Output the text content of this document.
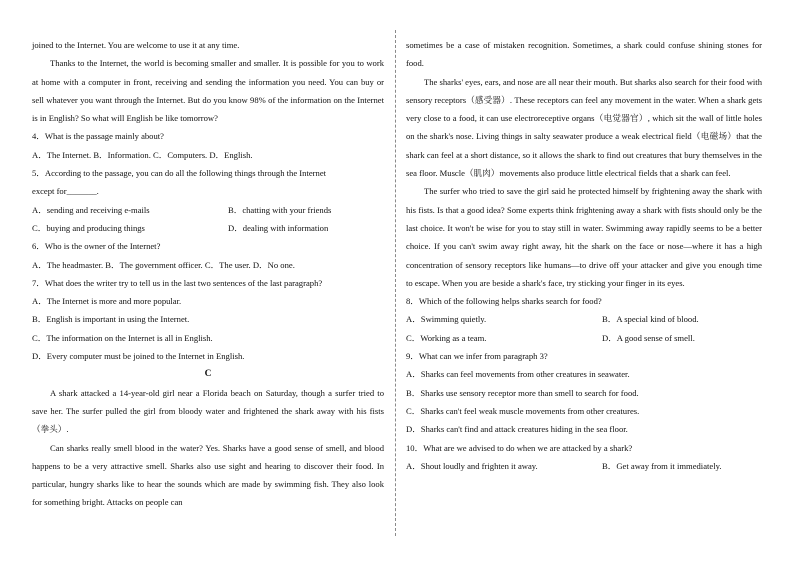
joined to the Internet. You are welcome to use it at any time.

Thanks to the Internet, the world is becoming smaller and smaller. It is possible for you to work at home with a computer in front, receiving and sending the information you need. You can buy or sell whatever you want through the Internet. But do you know 98% of the information on the Internet is in English? So what will English be like tomorrow?

4．What is the passage mainly about?

A．The Internet. B．Information. C．Computers. D．English.

5．According to the passage, you can do all the following things through the Internet

except for_______.

A．sending and receiving e-mails	B．chatting with your friends
C．buying and producing things	D．dealing with information

6．Who is the owner of the Internet?

A．The headmaster. B．The government officer. C．The user. D．No one.

7．What does the writer try to tell us in the last two sentences of the last paragraph?

A．The Internet is more and more popular.

B．English is important in using the Internet.

C．The information on the Internet is all in English.

D．Every computer must be joined to the Internet in English.

C

A shark attacked a 14-year-old girl near a Florida beach on Saturday, though a surfer tried to save her. The surfer pulled the girl from bloody water and frightened the shark away with his fists（拳头）.

Can sharks really smell blood in the water? Yes. Sharks have a good sense of smell, and blood happens to be a very attractive smell. Sharks also use sight and hearing to discover their food. In particular, hungry sharks like to hear the sounds which are made by swimming fish. They also look for something bright. Attacks on people can

sometimes be a case of mistaken recognition. Sometimes, a shark could confuse shining stones for food.

The sharks' eyes, ears, and nose are all near their mouth. But sharks also search for their food with sensory receptors（感受器）. These receptors can feel any movement in the water. When a shark gets very close to a food, it can use electroreceptive organs（电觉器官）, which sit the wall of little holes on the shark's nose. Living things in salty seawater produce a weak electrical field（电磁场）that the shark can feel at a short distance, so it allows the shark to find out creatures that bury themselves in the sea floor. Muscle（肌肉）movements also produce little electrical fields that a shark can feel.

The surfer who tried to save the girl said he protected himself by frightening away the shark with his fists. Is that a good idea? Some experts think frightening away a shark with fists should only be the last choice. It won't be wise for you to stay still in water. Swimming away rapidly seems to be a better choice. If you can't swim away right away, hit the shark on the face or nose—where it has a high concentration of sensory receptors like humans—to drive off your attacker and give you enough time to escape. When you are beside a shark's face, try sticking your finger in its eyes.

8．Which of the following helps sharks search for food?

A．Swimming quietly.	B．A special kind of blood.
C．Working as a team.	D．A good sense of smell.

9．What can we infer from paragraph 3?

A．Sharks can feel movements from other creatures in seawater.

B．Sharks use sensory receptor more than smell to search for food.

C．Sharks can't feel weak muscle movements from other creatures.

D．Sharks can't find and attack creatures hiding in the sea floor.

10．What are we advised to do when we are attacked by a shark?

A．Shout loudly and frighten it away.	B．Get away from it immediately.
